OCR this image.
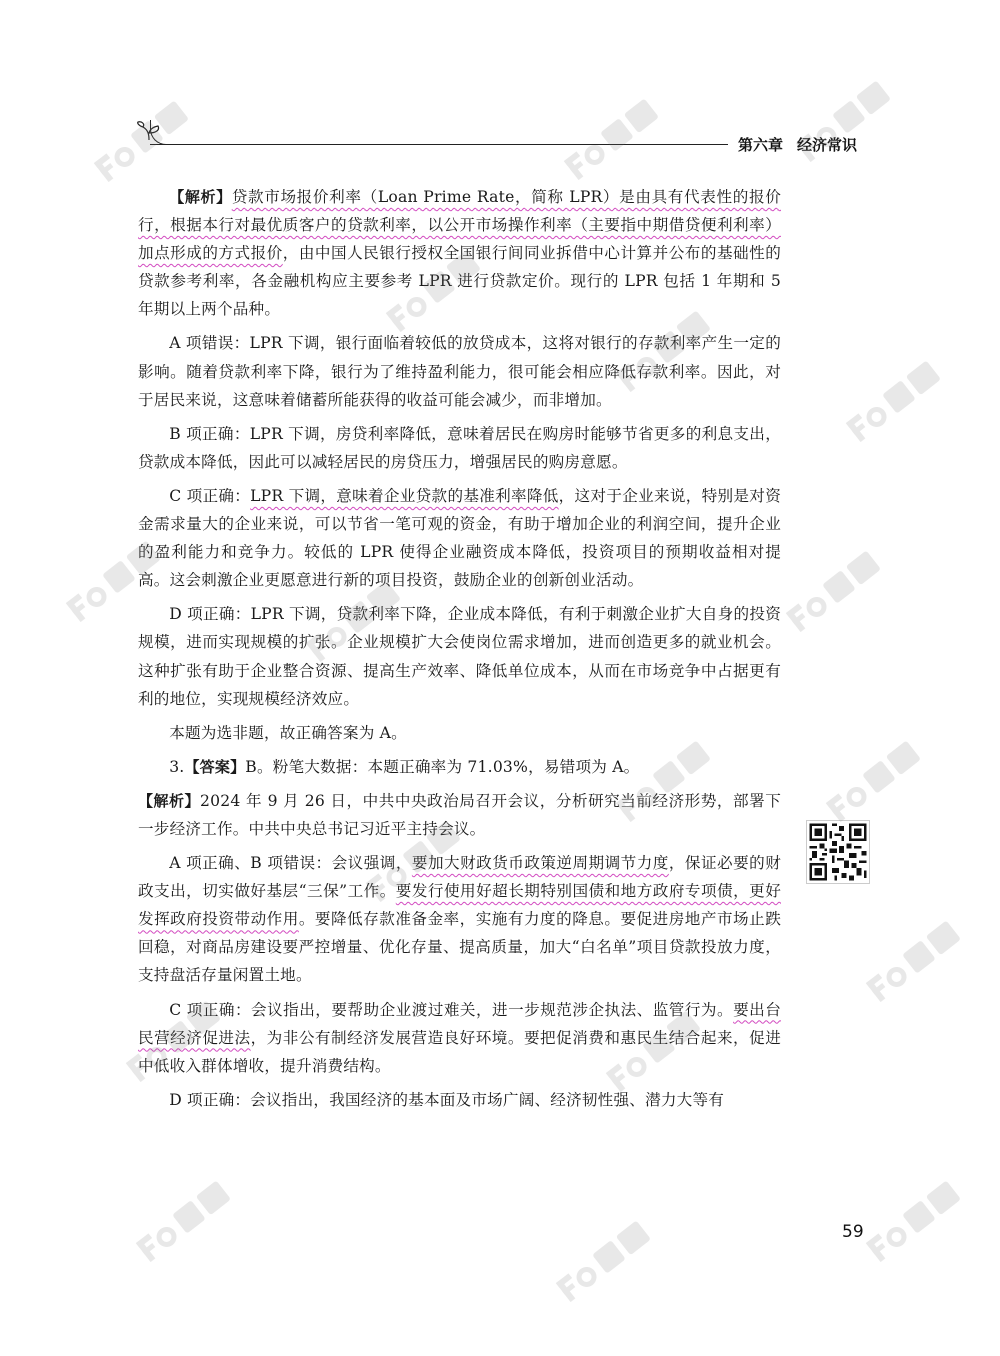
第六章 经济常识

【解析】贷款市场报价利率（Loan Prime Rate，简称 LPR）是由具有代表性的报价行，根据本行对最优质客户的贷款利率，以公开市场操作利率（主要指中期借贷便利利率）加点形成的方式报价，由中国人民银行授权全国银行间同业拆借中心计算并公布的基础性的贷款参考利率，各金融机构应主要参考 LPR 进行贷款定价。现行的 LPR 包括 1 年期和 5 年期以上两个品种。

A 项错误：LPR 下调，银行面临着较低的放贷成本，这将对银行的存款利率产生一定的影响。随着贷款利率下降，银行为了维持盈利能力，很可能会相应降低存款利率。因此，对于居民来说，这意味着储蓄所能获得的收益可能会减少，而非增加。

B 项正确：LPR 下调，房贷利率降低，意味着居民在购房时能够节省更多的利息支出，贷款成本降低，因此可以减轻居民的房贷压力，增强居民的购房意愿。

C 项正确：LPR 下调，意味着企业贷款的基准利率降低，这对于企业来说，特别是对资金需求量大的企业来说，可以节省一笔可观的资金，有助于增加企业的利润空间，提升企业的盈利能力和竞争力。较低的 LPR 使得企业融资成本降低，投资项目的预期收益相对提高。这会刺激企业更愿意进行新的项目投资，鼓励企业的创新创业活动。

D 项正确：LPR 下调，贷款利率下降，企业成本降低，有利于刺激企业扩大自身的投资规模，进而实现规模的扩张。企业规模扩大会使岗位需求增加，进而创造更多的就业机会。这种扩张有助于企业整合资源、提高生产效率、降低单位成本，从而在市场竞争中占据更有利的地位，实现规模经济效应。

本题为选非题，故正确答案为 A。

3.【答案】B。粉笔大数据：本题正确率为 71.03%，易错项为 A。

【解析】2024 年 9 月 26 日，中共中央政治局召开会议，分析研究当前经济形势，部署下一步经济工作。中共中央总书记习近平主持会议。

A 项正确、B 项错误：会议强调，要加大财政货币政策逆周期调节力度，保证必要的财政支出，切实做好基层“三保”工作。要发行使用好超长期特别国债和地方政府专项债，更好发挥政府投资带动作用。要降低存款准备金率，实施有力度的降息。要促进房地产市场止跌回稳，对商品房建设要严控增量、优化存量、提高质量，加大“白名单”项目贷款投放力度，支持盘活存量闲置土地。

C 项正确：会议指出，要帮助企业渡过难关，进一步规范涉企执法、监管行为。要出台民营经济促进法，为非公有制经济发展营造良好环境。要把促消费和惠民生结合起来，促进中低收入群体增收，提升消费结构。

D 项正确：会议指出，我国经济的基本面及市场广阔、经济韧性强、潜力大等有

59
